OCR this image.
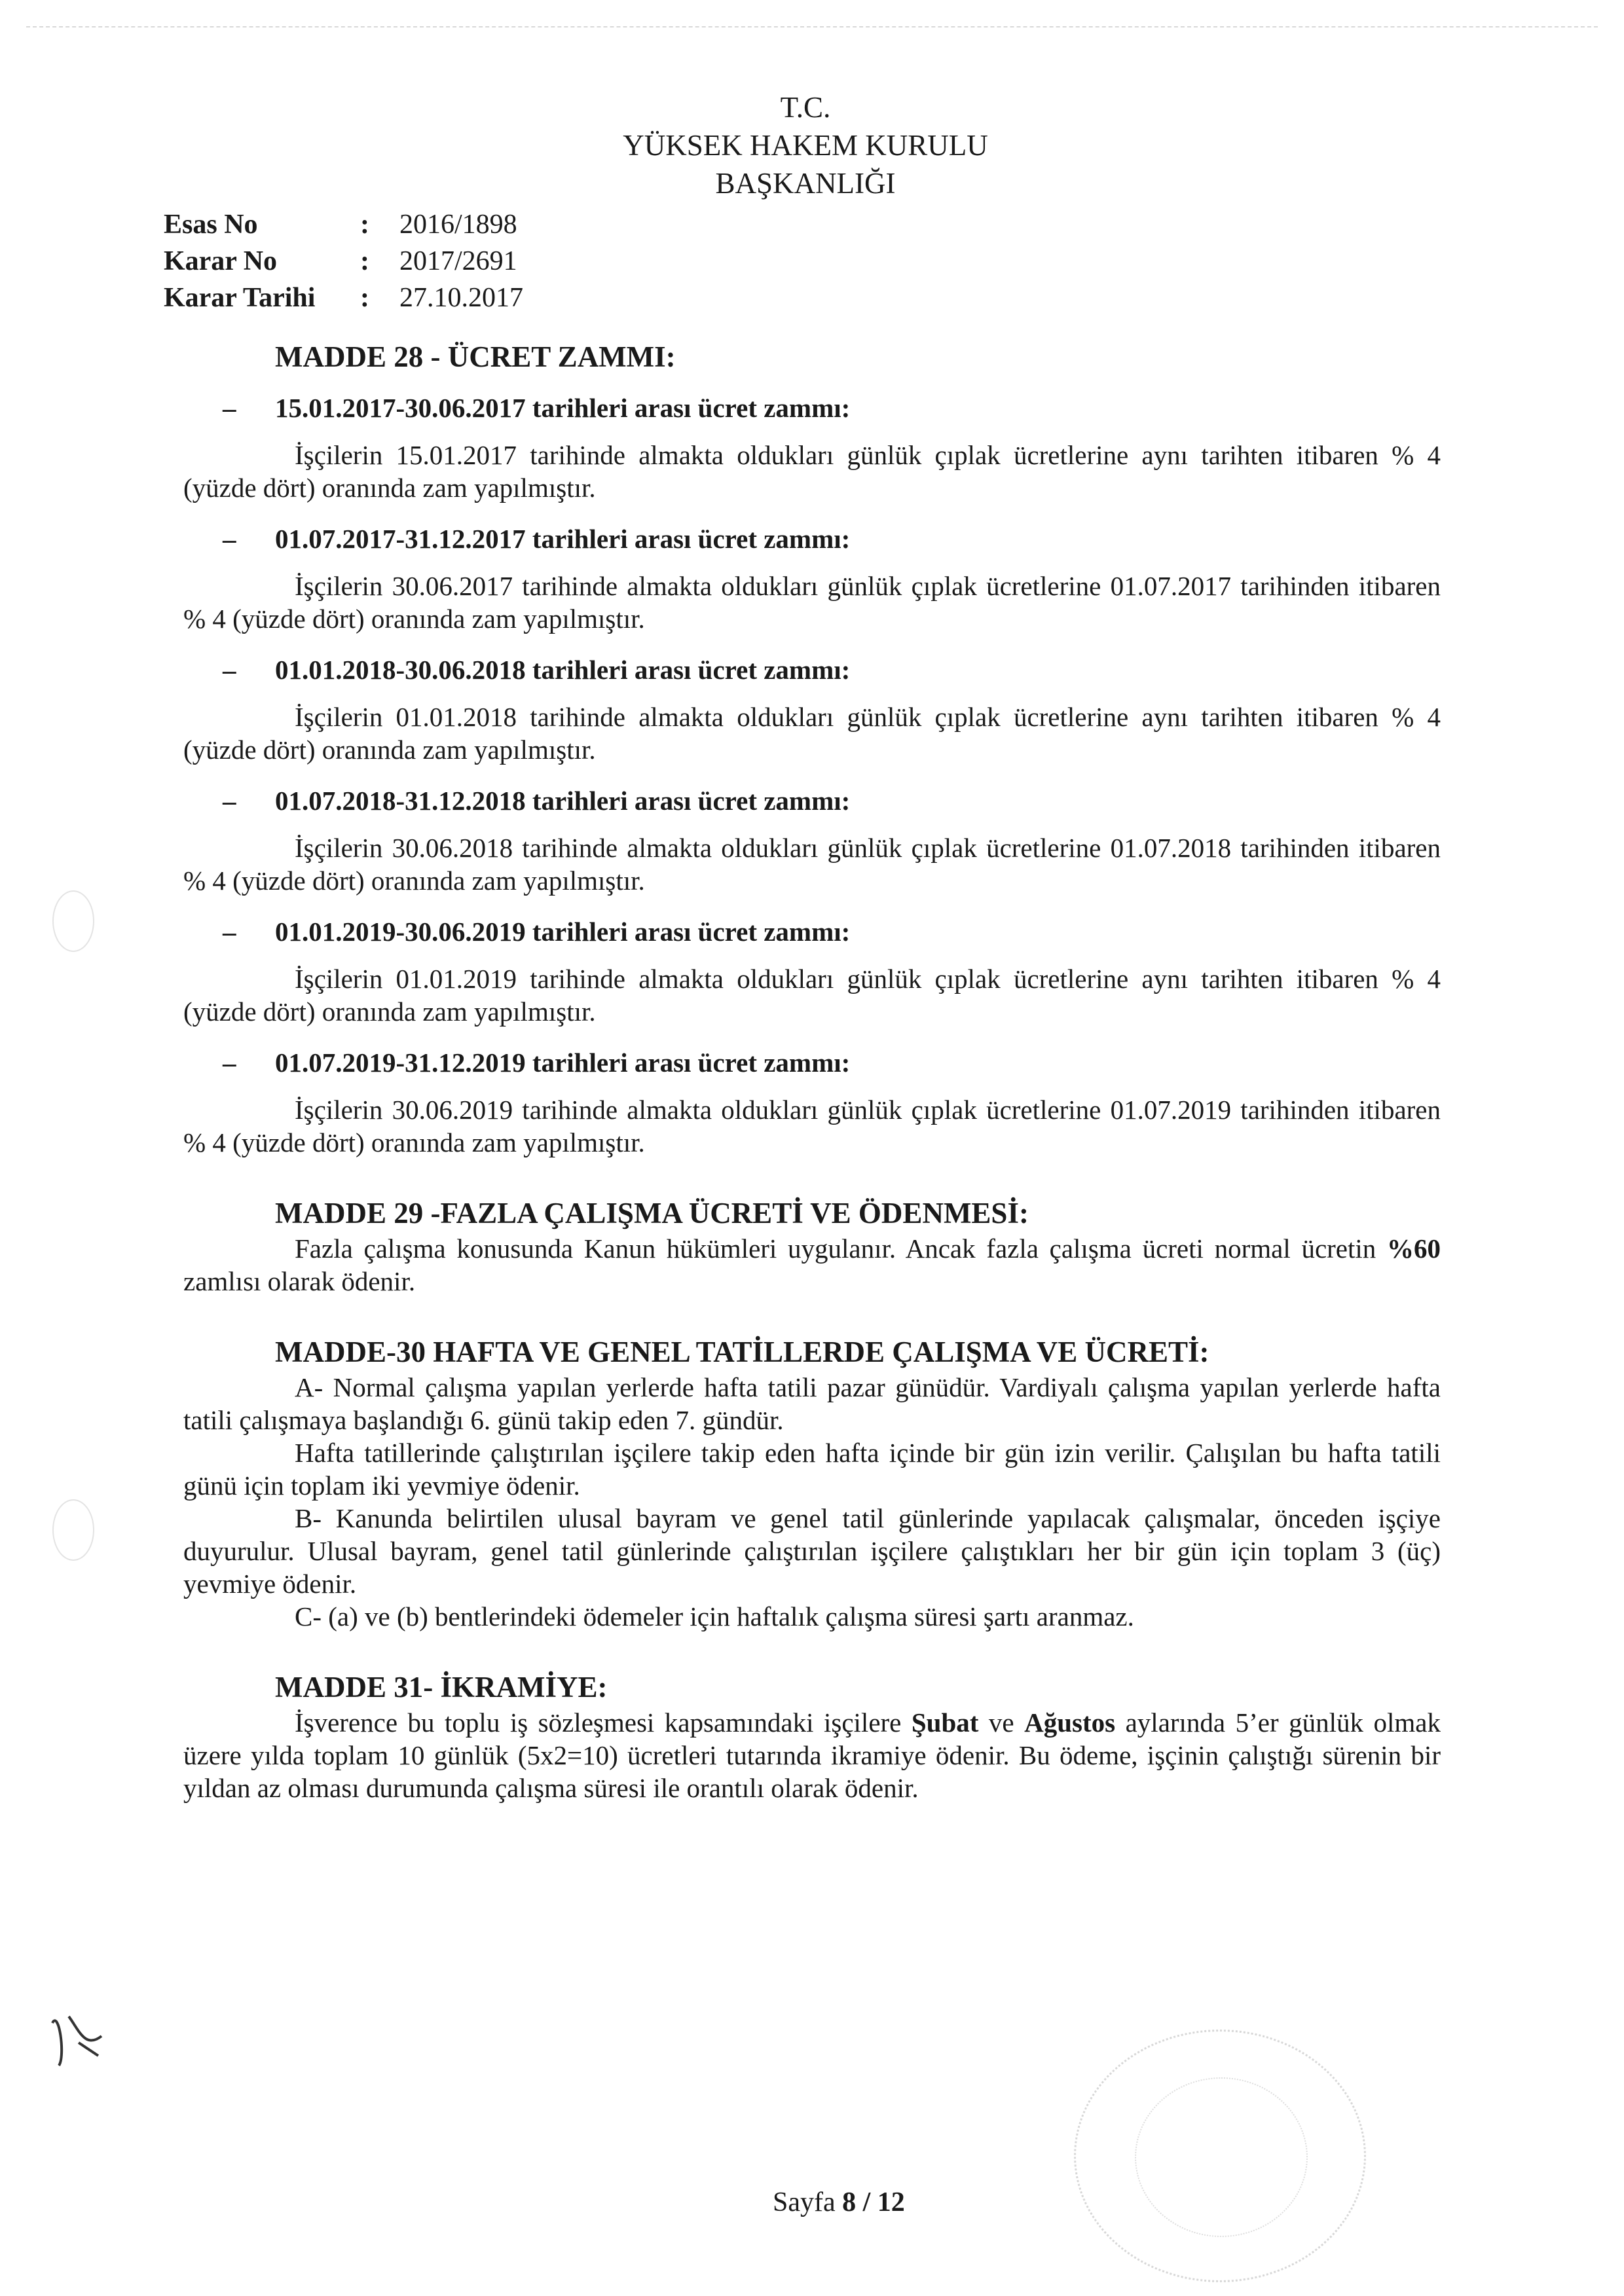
T.C.
YÜKSEK HAKEM KURULU
BAŞKANLIĞI
Esas No	:	2016/1898
Karar No	:	2017/2691
Karar Tarihi	:	27.10.2017
MADDE 28 - ÜCRET ZAMMI:
– 15.01.2017-30.06.2017 tarihleri arası ücret zammı:

İşçilerin 15.01.2017 tarihinde almakta oldukları günlük çıplak ücretlerine aynı tarihten itibaren % 4 (yüzde dört) oranında zam yapılmıştır.

– 01.07.2017-31.12.2017 tarihleri arası ücret zammı:

İşçilerin 30.06.2017 tarihinde almakta oldukları günlük çıplak ücretlerine 01.07.2017 tarihinden itibaren % 4 (yüzde dört) oranında zam yapılmıştır.

– 01.01.2018-30.06.2018 tarihleri arası ücret zammı:

İşçilerin 01.01.2018 tarihinde almakta oldukları günlük çıplak ücretlerine aynı tarihten itibaren % 4 (yüzde dört) oranında zam yapılmıştır.

– 01.07.2018-31.12.2018 tarihleri arası ücret zammı:

İşçilerin 30.06.2018 tarihinde almakta oldukları günlük çıplak ücretlerine 01.07.2018 tarihinden itibaren % 4 (yüzde dört) oranında zam yapılmıştır.

– 01.01.2019-30.06.2019 tarihleri arası ücret zammı:

İşçilerin 01.01.2019 tarihinde almakta oldukları günlük çıplak ücretlerine aynı tarihten itibaren % 4 (yüzde dört) oranında zam yapılmıştır.

– 01.07.2019-31.12.2019 tarihleri arası ücret zammı:

İşçilerin 30.06.2019 tarihinde almakta oldukları günlük çıplak ücretlerine 01.07.2019 tarihinden itibaren % 4 (yüzde dört) oranında zam yapılmıştır.

MADDE 29 -FAZLA ÇALIŞMA ÜCRETİ VE ÖDENMESİ:

Fazla çalışma konusunda Kanun hükümleri uygulanır. Ancak fazla çalışma ücreti normal ücretin %60 zamlısı olarak ödenir.

MADDE-30 HAFTA VE GENEL TATİLLERDE ÇALIŞMA VE ÜCRETİ:

A- Normal çalışma yapılan yerlerde hafta tatili pazar günüdür. Vardiyalı çalışma yapılan yerlerde hafta tatili çalışmaya başlandığı 6. günü takip eden 7. gündür.

Hafta tatillerinde çalıştırılan işçilere takip eden hafta içinde bir gün izin verilir. Çalışılan bu hafta tatili günü için toplam iki yevmiye ödenir.

B- Kanunda belirtilen ulusal bayram ve genel tatil günlerinde yapılacak çalışmalar, önceden işçiye duyurulur. Ulusal bayram, genel tatil günlerinde çalıştırılan işçilere çalıştıkları her bir gün için toplam 3 (üç) yevmiye ödenir.

C- (a) ve (b) bentlerindeki ödemeler için haftalık çalışma süresi şartı aranmaz.

MADDE 31- İKRAMİYE:

İşverence bu toplu iş sözleşmesi kapsamındaki işçilere Şubat ve Ağustos aylarında 5’er günlük olmak üzere yılda toplam 10 günlük (5x2=10) ücretleri tutarında ikramiye ödenir. Bu ödeme, işçinin çalıştığı sürenin bir yıldan az olması durumunda çalışma süresi ile orantılı olarak ödenir.

Sayfa 8 / 12
